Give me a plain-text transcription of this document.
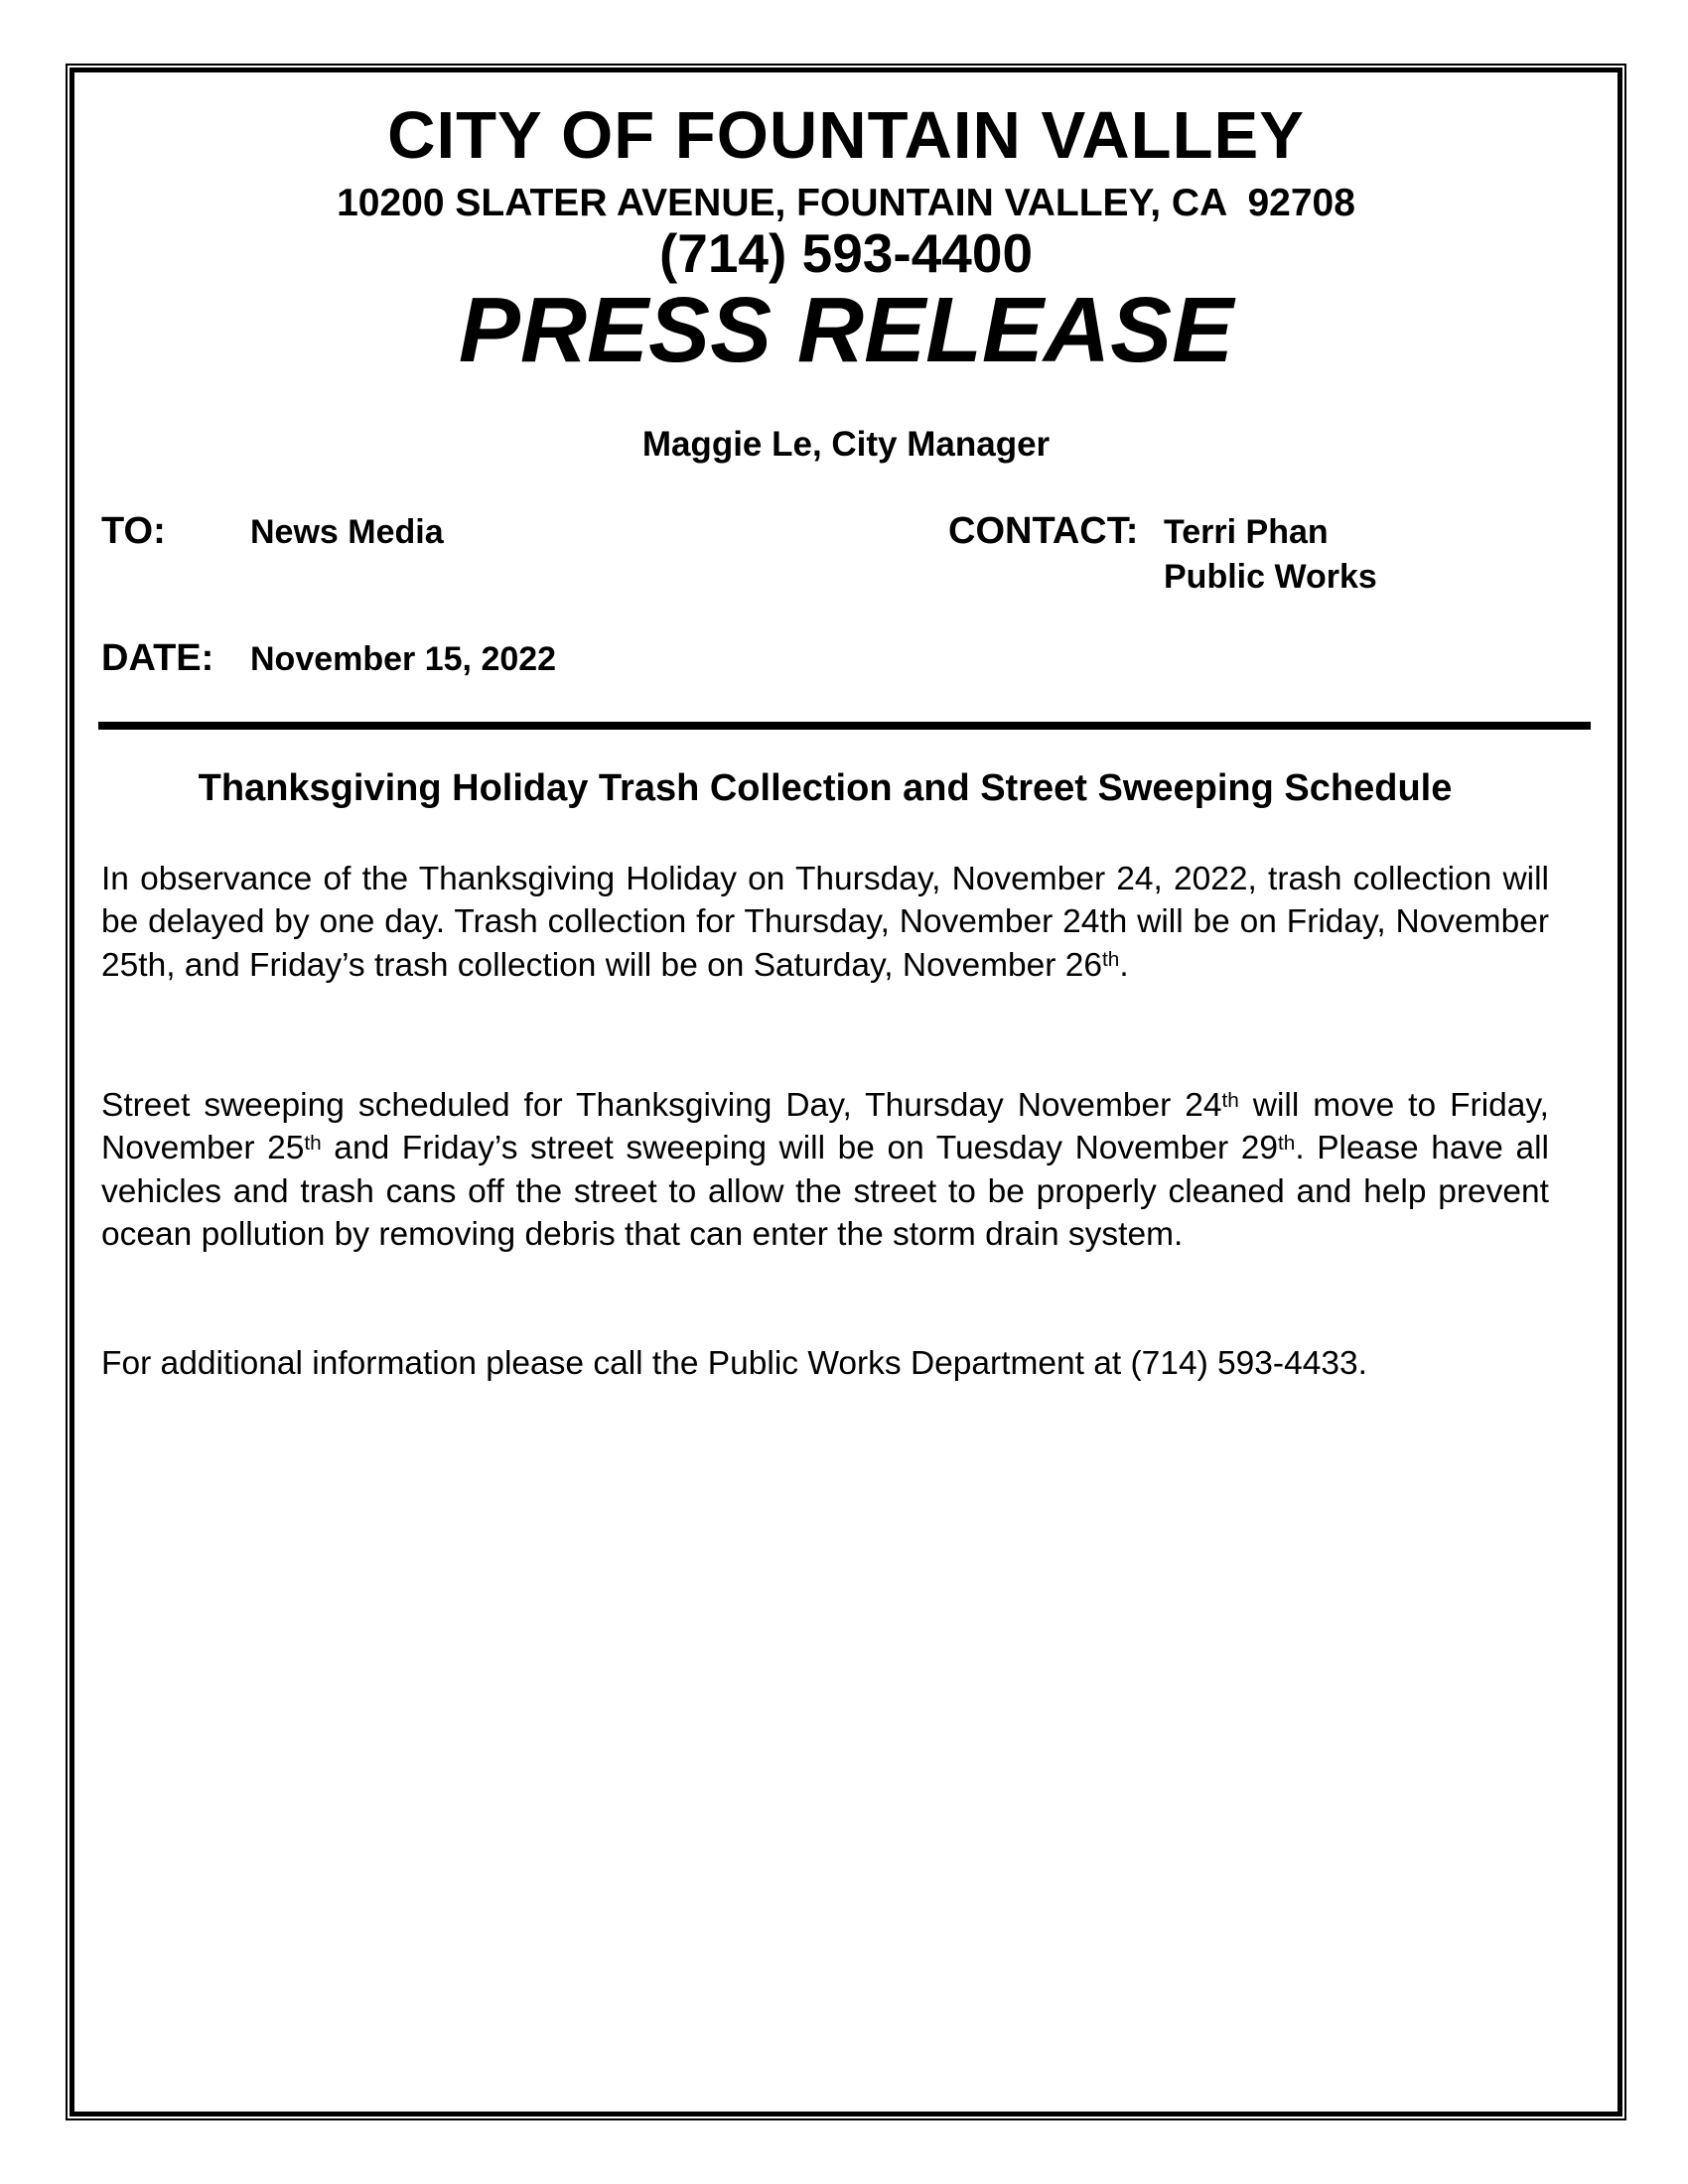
CITY OF FOUNTAIN VALLEY
10200 SLATER AVENUE, FOUNTAIN VALLEY, CA  92708
(714) 593-4400
PRESS RELEASE
Maggie Le, City Manager
TO:	News Media	CONTACT: Terri Phan
Public Works
DATE: November 15, 2022
Thanksgiving Holiday Trash Collection and Street Sweeping Schedule

In observance of the Thanksgiving Holiday on Thursday, November 24, 2022, trash collection will be delayed by one day. Trash collection for Thursday, November 24th will be on Friday, November 25th, and Friday’s trash collection will be on Saturday, November 26th.

Street sweeping scheduled for Thanksgiving Day, Thursday November 24th will move to Friday, November 25th and Friday’s street sweeping will be on Tuesday November 29th. Please have all vehicles and trash cans off the street to allow the street to be properly cleaned and help prevent ocean pollution by removing debris that can enter the storm drain system.

For additional information please call the Public Works Department at (714) 593-4433.
